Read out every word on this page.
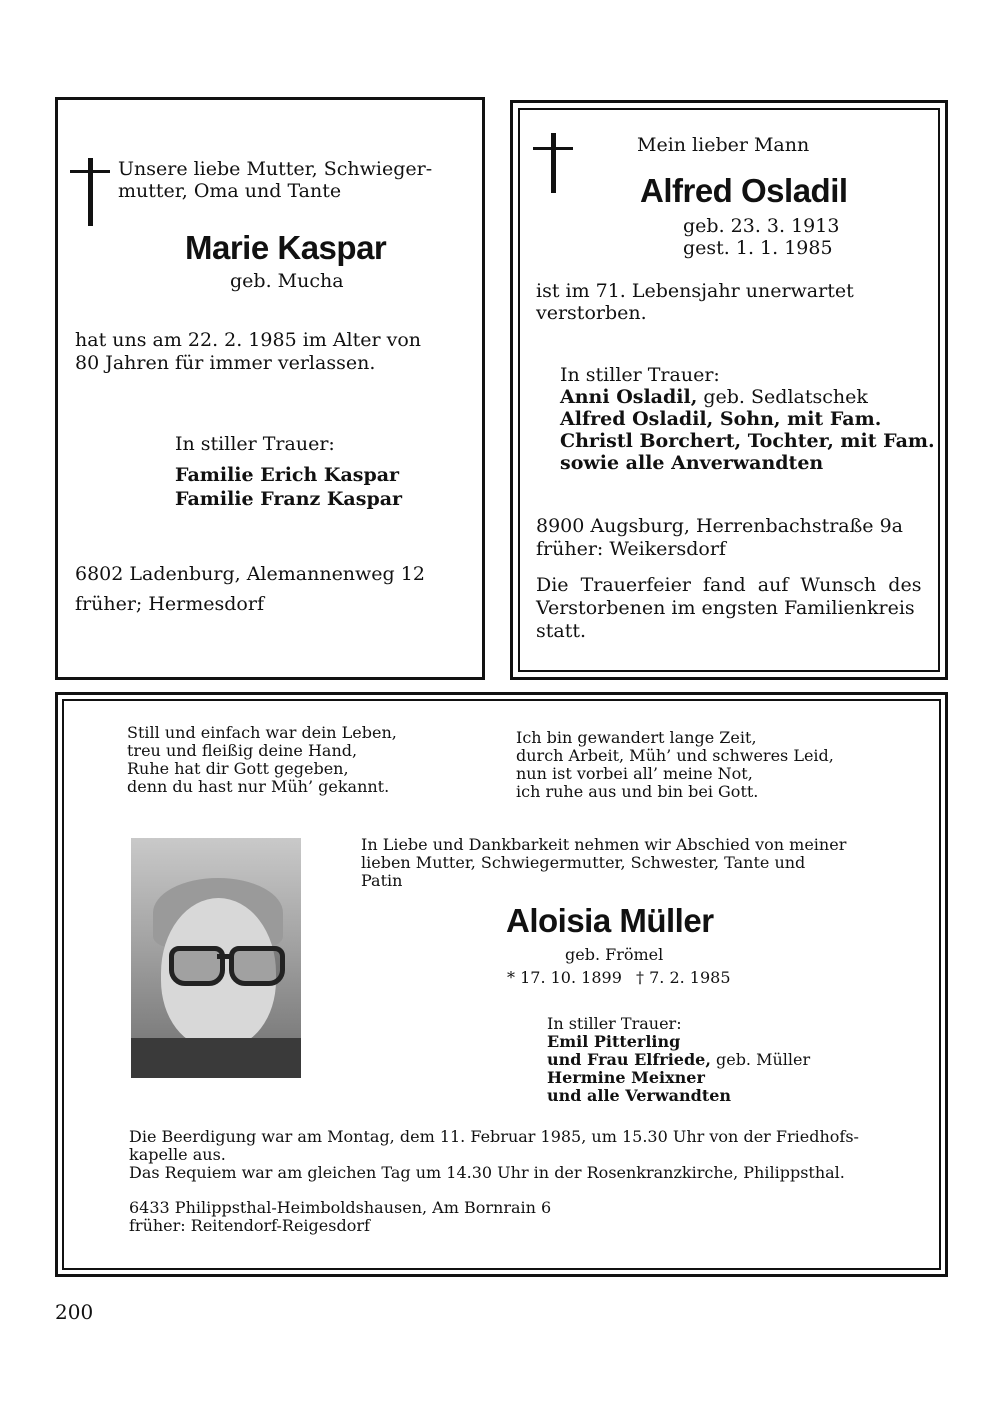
Unsere liebe Mutter, Schwieger-
mutter, Oma und Tante
Marie Kaspar
geb. Mucha
hat uns am 22. 2. 1985 im Alter von
80 Jahren für immer verlassen.
In stiller Trauer:
Familie Erich Kaspar
Familie Franz Kaspar
6802 Ladenburg, Alemannenweg 12
früher; Hermesdorf
Mein lieber Mann
Alfred Osladil
geb. 23. 3. 1913
gest. 1. 1. 1985
ist im 71. Lebensjahr unerwartet
verstorben.
In stiller Trauer:
Anni Osladil, geb. Sedlatschek
Alfred Osladil, Sohn, mit Fam.
Christl Borchert, Tochter, mit Fam.
sowie alle Anverwandten
8900 Augsburg, Herrenbachstraße 9a
früher: Weikersdorf
Die Trauerfeier fand auf Wunsch des
Verstorbenen im engsten Familienkreis
statt.
Still und einfach war dein Leben,
treu und fleißig deine Hand,
Ruhe hat dir Gott gegeben,
denn du hast nur Müh’ gekannt.
Ich bin gewandert lange Zeit,
durch Arbeit, Müh’ und schweres Leid,
nun ist vorbei all’ meine Not,
ich ruhe aus und bin bei Gott.
In Liebe und Dankbarkeit nehmen wir Abschied von meiner
lieben Mutter, Schwiegermutter, Schwester, Tante und
Patin
Aloisia Müller
geb. Frömel
* 17. 10. 1899 † 7. 2. 1985
In stiller Trauer:
Emil Pitterling
und Frau Elfriede, geb. Müller
Hermine Meixner
und alle Verwandten
Die Beerdigung war am Montag, dem 11. Februar 1985, um 15.30 Uhr von der Friedhofs-
kapelle aus.
Das Requiem war am gleichen Tag um 14.30 Uhr in der Rosenkranzkirche, Philippsthal.
6433 Philippsthal-Heimboldshausen, Am Bornrain 6
früher: Reitendorf-Reigesdorf
200
